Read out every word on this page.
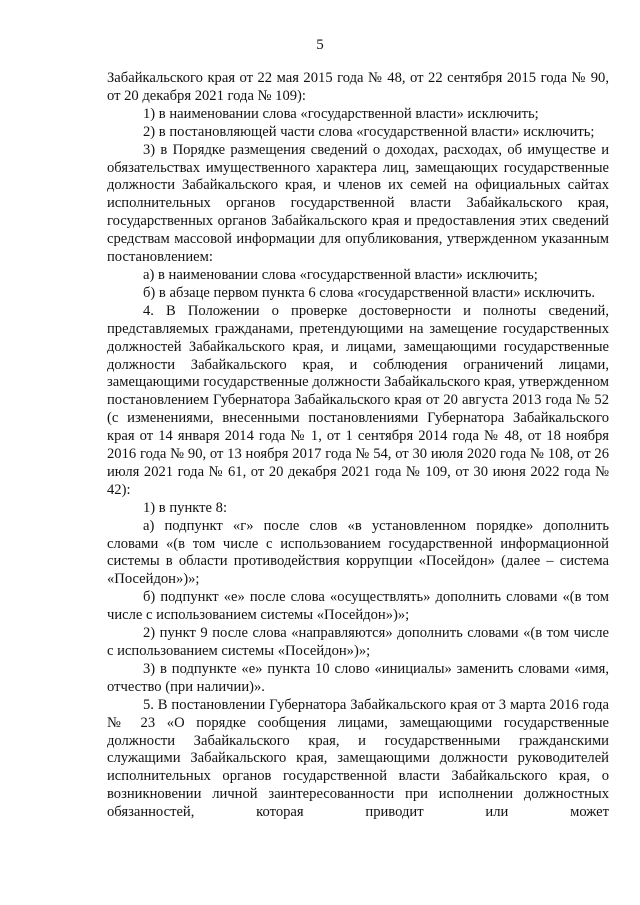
5

Забайкальского края от 22 мая 2015 года № 48, от 22 сентября 2015 года № 90, от 20 декабря 2021 года № 109):

1) в наименовании слова «государственной власти» исключить;

2) в постановляющей части слова «государственной власти» исключить;

3) в Порядке размещения сведений о доходах, расходах, об имуществе и обязательствах имущественного характера лиц, замещающих государственные должности Забайкальского края, и членов их семей на официальных сайтах исполнительных органов государственной власти Забайкальского края, государственных органов Забайкальского края и предоставления этих сведений средствам массовой информации для опубликования, утвержденном указанным постановлением:

а) в наименовании слова «государственной власти» исключить;

б) в абзаце первом пункта 6 слова «государственной власти» исключить.

4. В Положении о проверке достоверности и полноты сведений, представляемых гражданами, претендующими на замещение государственных должностей Забайкальского края, и лицами, замещающими государственные должности Забайкальского края, и соблюдения ограничений лицами, замещающими государственные должности Забайкальского края, утвержденном постановлением Губернатора Забайкальского края от 20 августа 2013 года № 52 (с изменениями, внесенными постановлениями Губернатора Забайкальского края от 14 января 2014 года № 1, от 1 сентября 2014 года № 48, от 18 ноября 2016 года № 90, от 13 ноября 2017 года № 54, от 30 июля 2020 года № 108, от 26 июля 2021 года № 61, от 20 декабря 2021 года № 109, от 30 июня 2022 года № 42):

1) в пункте 8:

а) подпункт «г» после слов «в установленном порядке» дополнить словами «(в том числе с использованием государственной информационной системы в области противодействия коррупции «Посейдон» (далее – система «Посейдон»)»;

б) подпункт «е» после слова «осуществлять» дополнить словами «(в том числе с использованием системы «Посейдон»)»;

2) пункт 9 после слова «направляются» дополнить словами «(в том числе с использованием системы «Посейдон»)»;

3) в подпункте «е» пункта 10 слово «инициалы» заменить словами «имя, отчество (при наличии)».

5. В постановлении Губернатора Забайкальского края от 3 марта 2016 года № 23 «О порядке сообщения лицами, замещающими государственные должности Забайкальского края, и государственными гражданскими служащими Забайкальского края, замещающими должности руководителей исполнительных органов государственной власти Забайкальского края, о возникновении личной заинтересованности при исполнении должностных обязанностей, которая приводит или может
